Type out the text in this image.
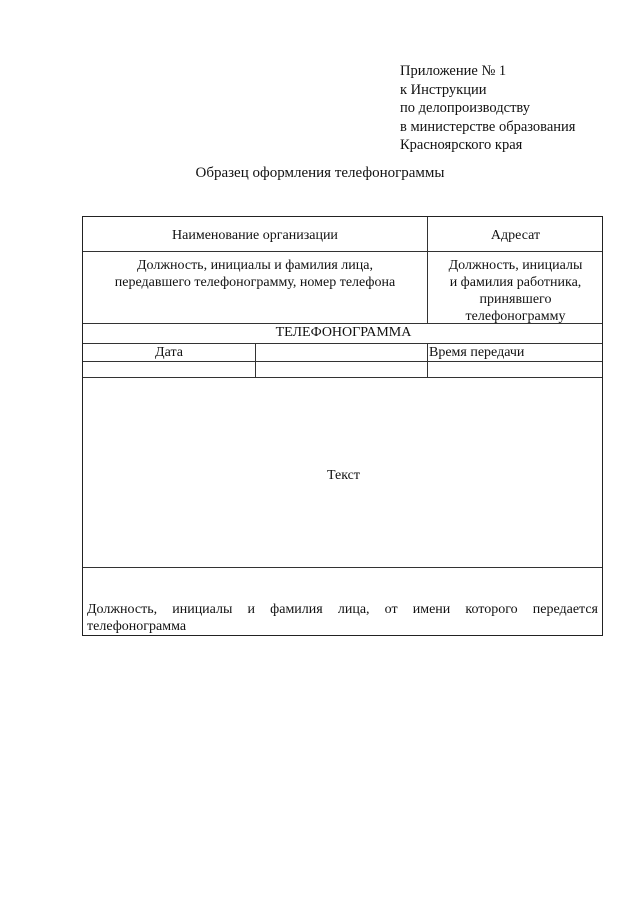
Приложение № 1
к Инструкции
по делопроизводству
в министерстве образования
Красноярского края
Образец оформления телефонограммы
Наименование организации	Адресат
Должность, инициалы и фамилия лица,
передавшего телефонограмму, номер телефона
Должность, инициалы
и фамилия работника,
принявшего
телефонограмму
ТЕЛЕФОНОГРАММА
Дата	Время передачи
Текст
Должность, инициалы и фамилия лица, от имени которого передается телефонограмма
